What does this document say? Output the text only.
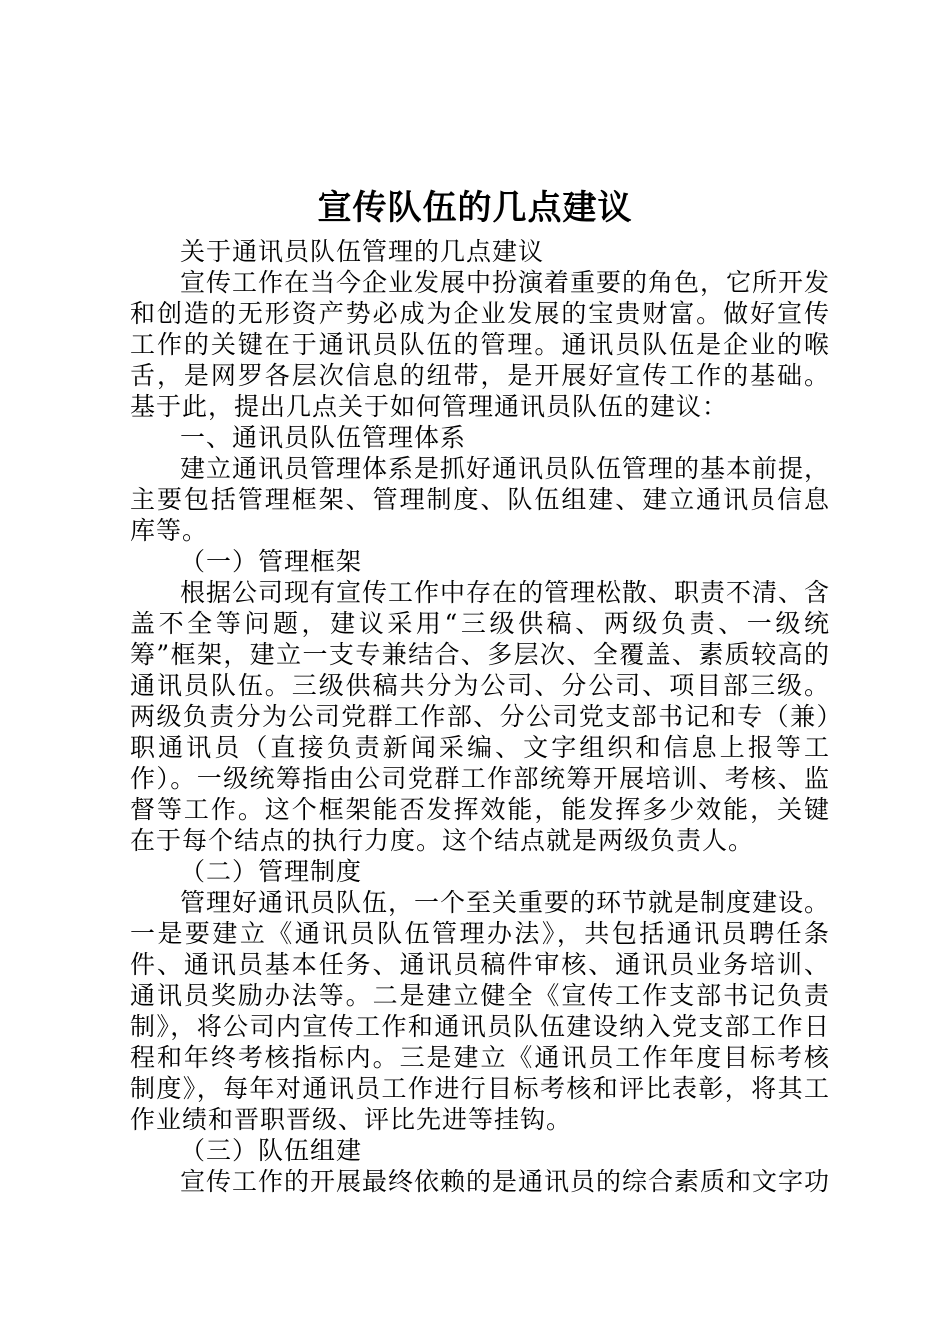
宣传队伍的几点建议

关于通讯员队伍管理的几点建议

宣传工作在当今企业发展中扮演着重要的角色，它所开发和创造的无形资产势必成为企业发展的宝贵财富。做好宣传工作的关键在于通讯员队伍的管理。通讯员队伍是企业的喉舌，是网罗各层次信息的纽带，是开展好宣传工作的基础。基于此，提出几点关于如何管理通讯员队伍的建议：

一、通讯员队伍管理体系

建立通讯员管理体系是抓好通讯员队伍管理的基本前提，主要包括管理框架、管理制度、队伍组建、建立通讯员信息库等。

（一）管理框架

根据公司现有宣传工作中存在的管理松散、职责不清、含盖不全等问题，建议采用“三级供稿、两级负责、一级统筹”框架，建立一支专兼结合、多层次、全覆盖、素质较高的通讯员队伍。三级供稿共分为公司、分公司、项目部三级。两级负责分为公司党群工作部、分公司党支部书记和专（兼）职通讯员（直接负责新闻采编、文字组织和信息上报等工作）。一级统筹指由公司党群工作部统筹开展培训、考核、监督等工作。这个框架能否发挥效能，能发挥多少效能，关键在于每个结点的执行力度。这个结点就是两级负责人。

（二）管理制度

管理好通讯员队伍，一个至关重要的环节就是制度建设。一是要建立《通讯员队伍管理办法》，共包括通讯员聘任条件、通讯员基本任务、通讯员稿件审核、通讯员业务培训、通讯员奖励办法等。二是建立健全《宣传工作支部书记负责制》，将公司内宣传工作和通讯员队伍建设纳入党支部工作日程和年终考核指标内。三是建立《通讯员工作年度目标考核制度》，每年对通讯员工作进行目标考核和评比表彰，将其工作业绩和晋职晋级、评比先进等挂钩。

（三）队伍组建

宣传工作的开展最终依赖的是通讯员的综合素质和文字功
